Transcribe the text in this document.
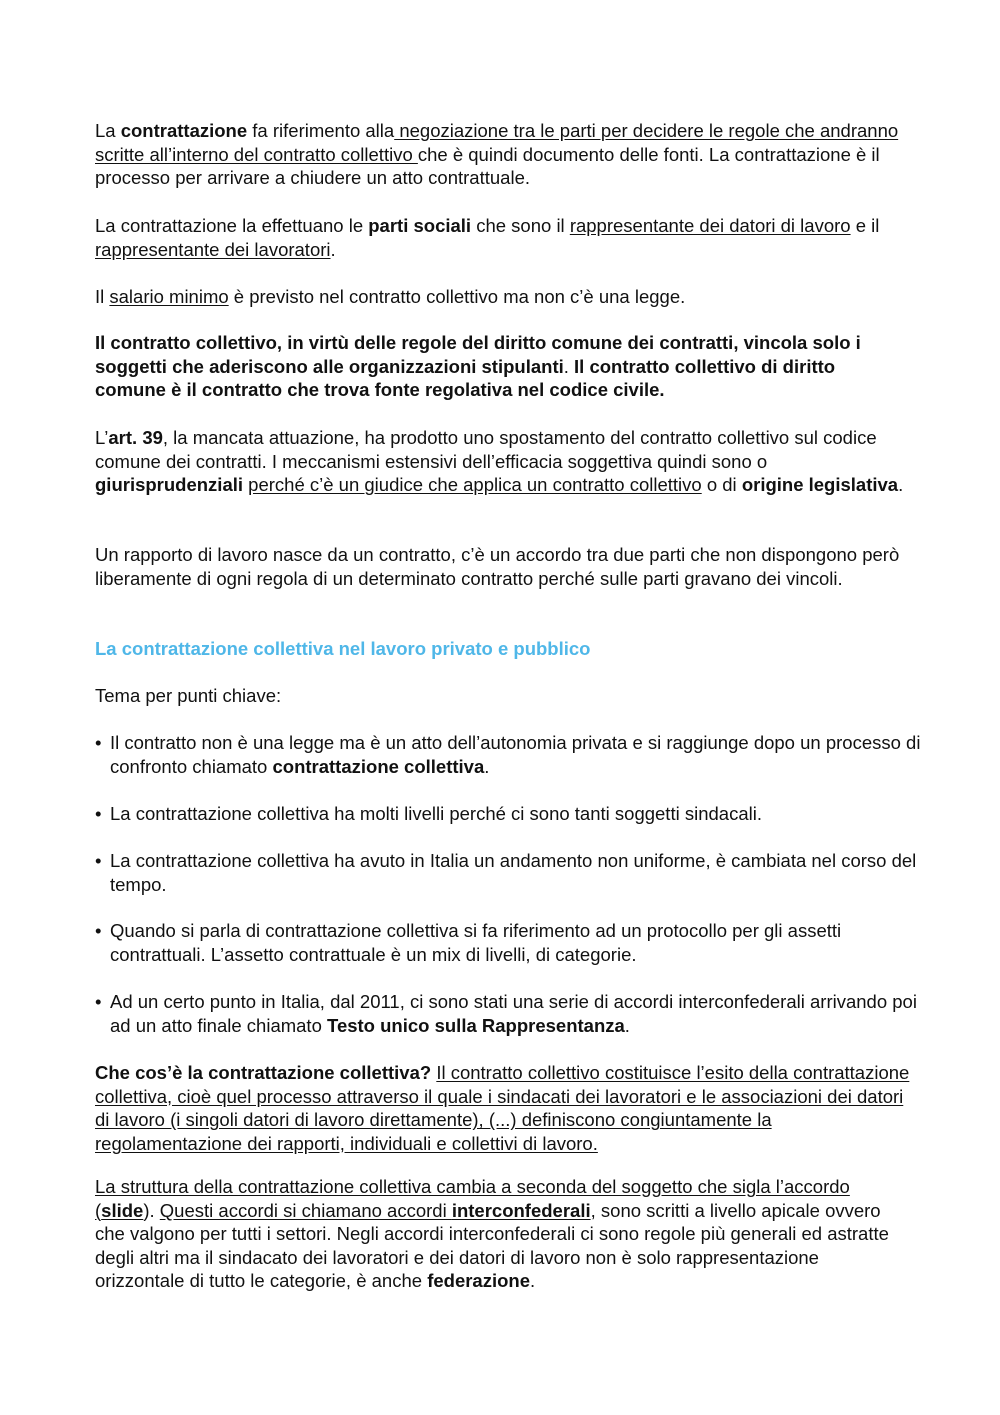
La contrattazione fa riferimento alla negoziazione tra le parti per decidere le regole che andranno scritte all’interno del contratto collettivo che è quindi documento delle fonti. La contrattazione è il processo per arrivare a chiudere un atto contrattuale.

La contrattazione la effettuano le parti sociali che sono il rappresentante dei datori di lavoro e il rappresentante dei lavoratori.

Il salario minimo è previsto nel contratto collettivo ma non c’è una legge.

Il contratto collettivo, in virtù delle regole del diritto comune dei contratti, vincola solo i soggetti che aderiscono alle organizzazioni stipulanti. Il contratto collettivo di diritto comune è il contratto che trova fonte regolativa nel codice civile.

L’art. 39, la mancata attuazione, ha prodotto uno spostamento del contratto collettivo sul codice comune dei contratti. I meccanismi estensivi dell’efficacia soggettiva quindi sono o giurisprudenziali perché c’è un giudice che applica un contratto collettivo o di origine legislativa.

Un rapporto di lavoro nasce da un contratto, c’è un accordo tra due parti che non dispongono però liberamente di ogni regola di un determinato contratto perché sulle parti gravano dei vincoli.

La contrattazione collettiva nel lavoro privato e pubblico

Tema per punti chiave:

• Il contratto non è una legge ma è un atto dell’autonomia privata e si raggiunge dopo un processo di confronto chiamato contrattazione collettiva.
• La contrattazione collettiva ha molti livelli perché ci sono tanti soggetti sindacali.
• La contrattazione collettiva ha avuto in Italia un andamento non uniforme, è cambiata nel corso del tempo.
• Quando si parla di contrattazione collettiva si fa riferimento ad un protocollo per gli assetti contrattuali. L’assetto contrattuale è un mix di livelli, di categorie.
• Ad un certo punto in Italia, dal 2011, ci sono stati una serie di accordi interconfederali arrivando poi ad un atto finale chiamato Testo unico sulla Rappresentanza.

Che cos’è la contrattazione collettiva? Il contratto collettivo costituisce l’esito della contrattazione collettiva, cioè quel processo attraverso il quale i sindacati dei lavoratori e le associazioni dei datori di lavoro (i singoli datori di lavoro direttamente), (...) definiscono congiuntamente la regolamentazione dei rapporti, individuali e collettivi di lavoro.

La struttura della contrattazione collettiva cambia a seconda del soggetto che sigla l’accordo (slide). Questi accordi si chiamano accordi interconfederali, sono scritti a livello apicale ovvero che valgono per tutti i settori. Negli accordi interconfederali ci sono regole più generali ed astratte degli altri ma il sindacato dei lavoratori e dei datori di lavoro non è solo rappresentazione orizzontale di tutto le categorie, è anche federazione.
